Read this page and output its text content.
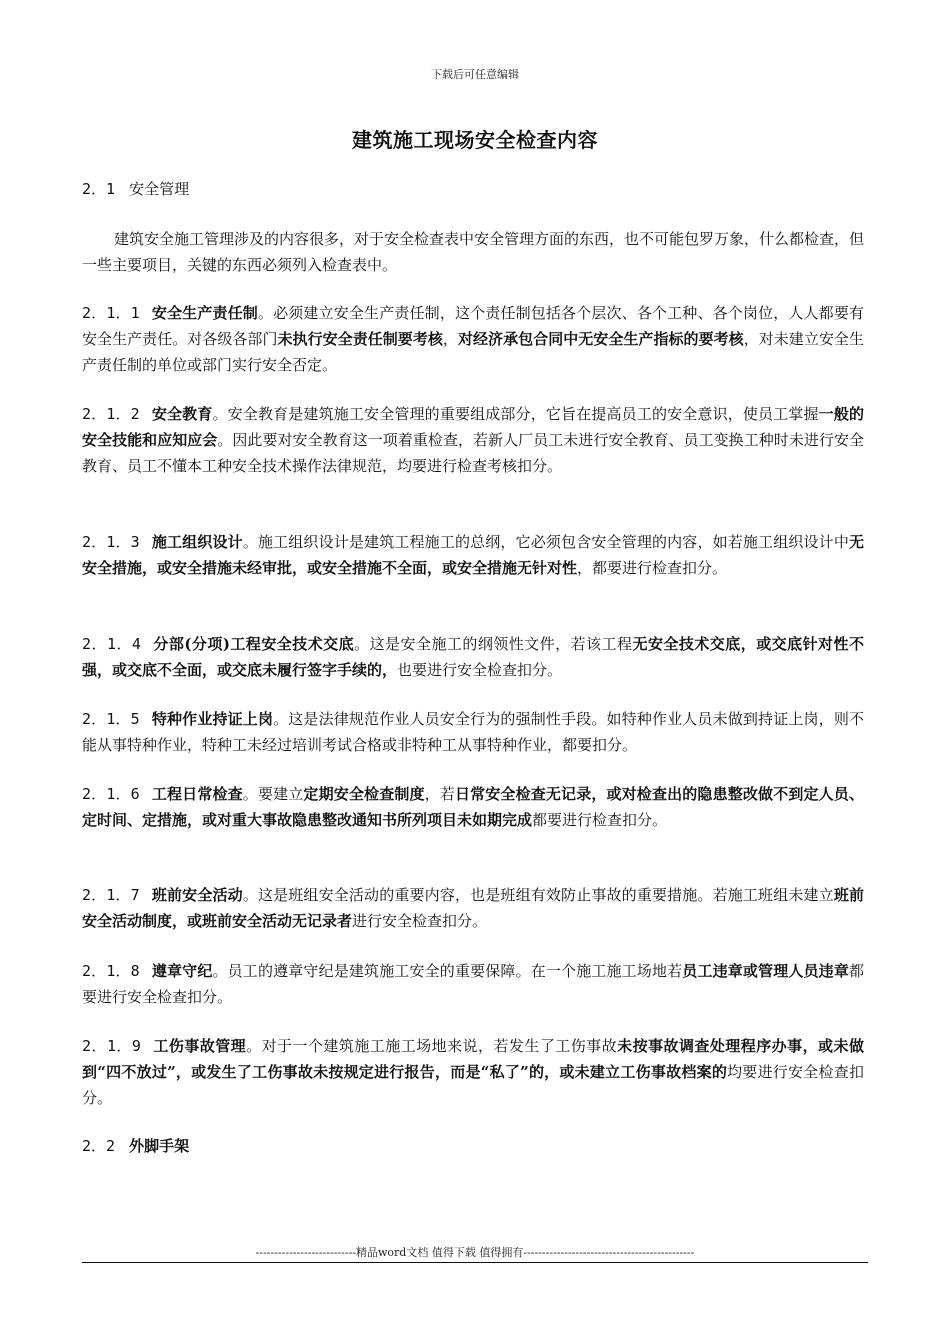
下载后可任意编辑
建筑施工现场安全检查内容
2．1 安全管理
建筑安全施工管理涉及的内容很多，对于安全检查表中安全管理方面的东西，也不可能包罗万象，什么都检查，但一些主要项目，关键的东西必须列入检查表中。
2．1．1 安全生产责任制。必须建立安全生产责任制，这个责任制包括各个层次、各个工种、各个岗位，人人都要有安全生产责任。对各级各部门未执行安全责任制要考核，对经济承包合同中无安全生产指标的要考核，对未建立安全生产责任制的单位或部门实行安全否定。
2．1．2 安全教育。安全教育是建筑施工安全管理的重要组成部分，它旨在提高员工的安全意识，使员工掌握一般的安全技能和应知应会。因此要对安全教育这一项着重检查，若新人厂员工未进行安全教育、员工变换工种时未进行安全教育、员工不懂本工种安全技术操作法律规范，均要进行检查考核扣分。
2．1．3 施工组织设计。施工组织设计是建筑工程施工的总纲，它必须包含安全管理的内容，如若施工组织设计中无安全措施，或安全措施未经审批，或安全措施不全面，或安全措施无针对性，都要进行检查扣分。
2．1．4 分部(分项)工程安全技术交底。这是安全施工的纲领性文件，若该工程无安全技术交底，或交底针对性不强，或交底不全面，或交底未履行签字手续的，也要进行安全检查扣分。
2．1．5 特种作业持证上岗。这是法律规范作业人员安全行为的强制性手段。如特种作业人员未做到持证上岗，则不能从事特种作业，特种工未经过培训考试合格或非特种工从事特种作业，都要扣分。
2．1．6 工程日常检查。要建立定期安全检查制度，若日常安全检查无记录，或对检查出的隐患整改做不到定人员、定时间、定措施，或对重大事故隐患整改通知书所列项目未如期完成都要进行检查扣分。
2．1．7 班前安全活动。这是班组安全活动的重要内容，也是班组有效防止事故的重要措施。若施工班组未建立班前安全活动制度，或班前安全活动无记录者进行安全检查扣分。
2．1．8 遵章守纪。员工的遵章守纪是建筑施工安全的重要保障。在一个施工施工场地若员工违章或管理人员违章都要进行安全检查扣分。
2．1．9 工伤事故管理。对于一个建筑施工施工场地来说，若发生了工伤事故未按事故调查处理程序办事，或未做到“四不放过”，或发生了工伤事故未按规定进行报告，而是“私了”的，或未建立工伤事故档案的均要进行安全检查扣分。
2．2 外脚手架
---------------------------精品word文档 值得下载 值得拥有----------------------------------------------
